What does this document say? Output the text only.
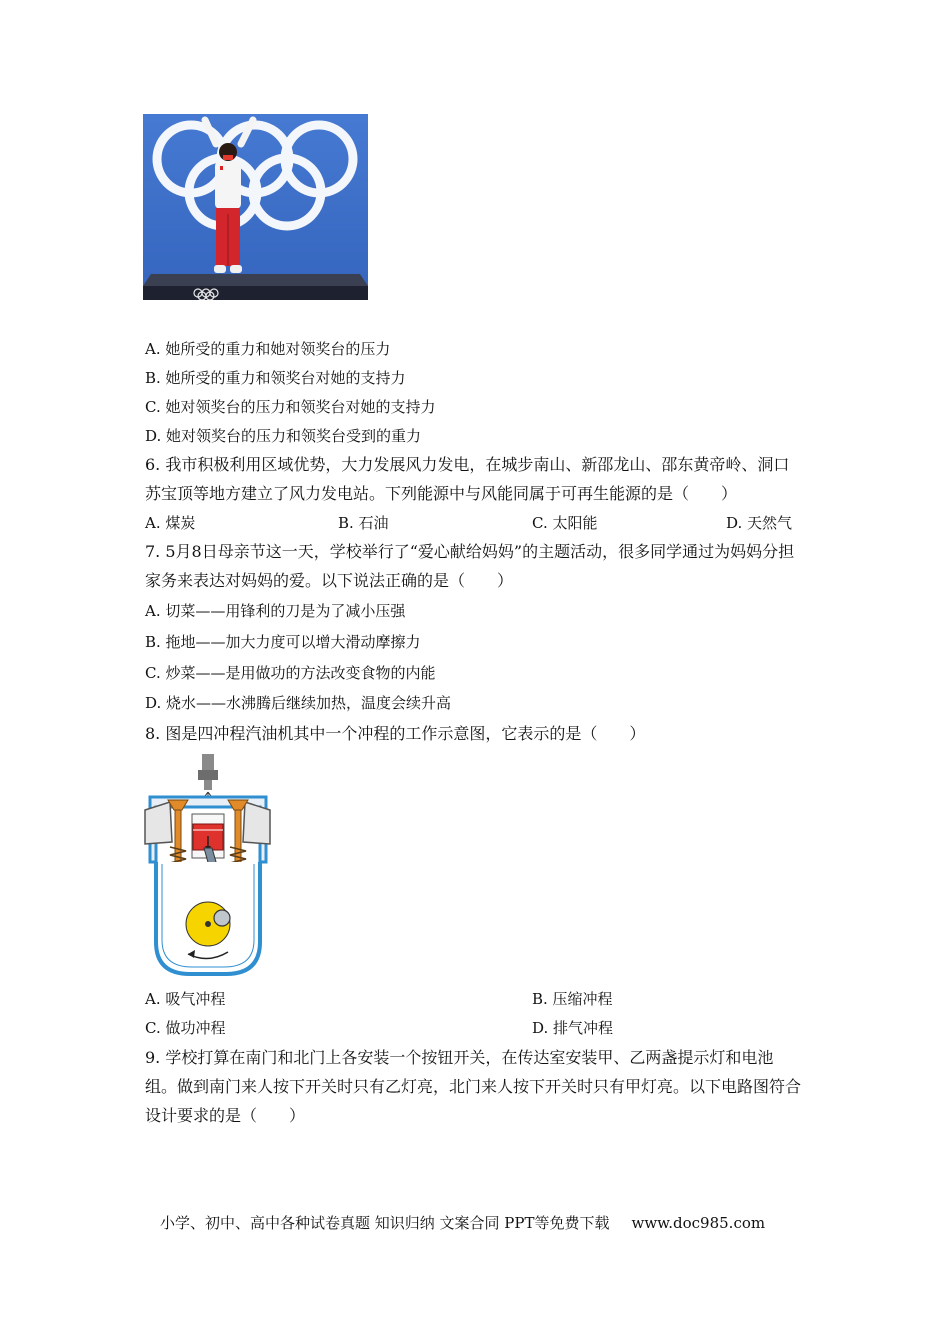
A. 她所受的重力和她对领奖台的压力
B. 她所受的重力和领奖台对她的支持力
C. 她对领奖台的压力和领奖台对她的支持力
D. 她对领奖台的压力和领奖台受到的重力
6. 我市积极利用区域优势，大力发展风力发电，在城步南山、新邵龙山、邵东黄帝岭、洞口苏宝顶等地方建立了风力发电站。下列能源中与风能同属于可再生能源的是（　　）
A. 煤炭	B. 石油	C. 太阳能	D. 天然气
7. 5月8日母亲节这一天，学校举行了“爱心献给妈妈”的主题活动，很多同学通过为妈妈分担家务来表达对妈妈的爱。以下说法正确的是（　　）
A. 切菜——用锋利的刀是为了减小压强
B. 拖地——加大力度可以增大滑动摩擦力
C. 炒菜——是用做功的方法改变食物的内能
D. 烧水——水沸腾后继续加热，温度会续升高
8. 图是四冲程汽油机其中一个冲程的工作示意图，它表示的是（　　）
A. 吸气冲程	B. 压缩冲程
C. 做功冲程	D. 排气冲程
9. 学校打算在南门和北门上各安装一个按钮开关，在传达室安装甲、乙两盏提示灯和电池组。做到南门来人按下开关时只有乙灯亮，北门来人按下开关时只有甲灯亮。以下电路图符合设计要求的是（　　）
小学、初中、高中各种试卷真题 知识归纳 文案合同 PPT等免费下载 www.doc985.com
